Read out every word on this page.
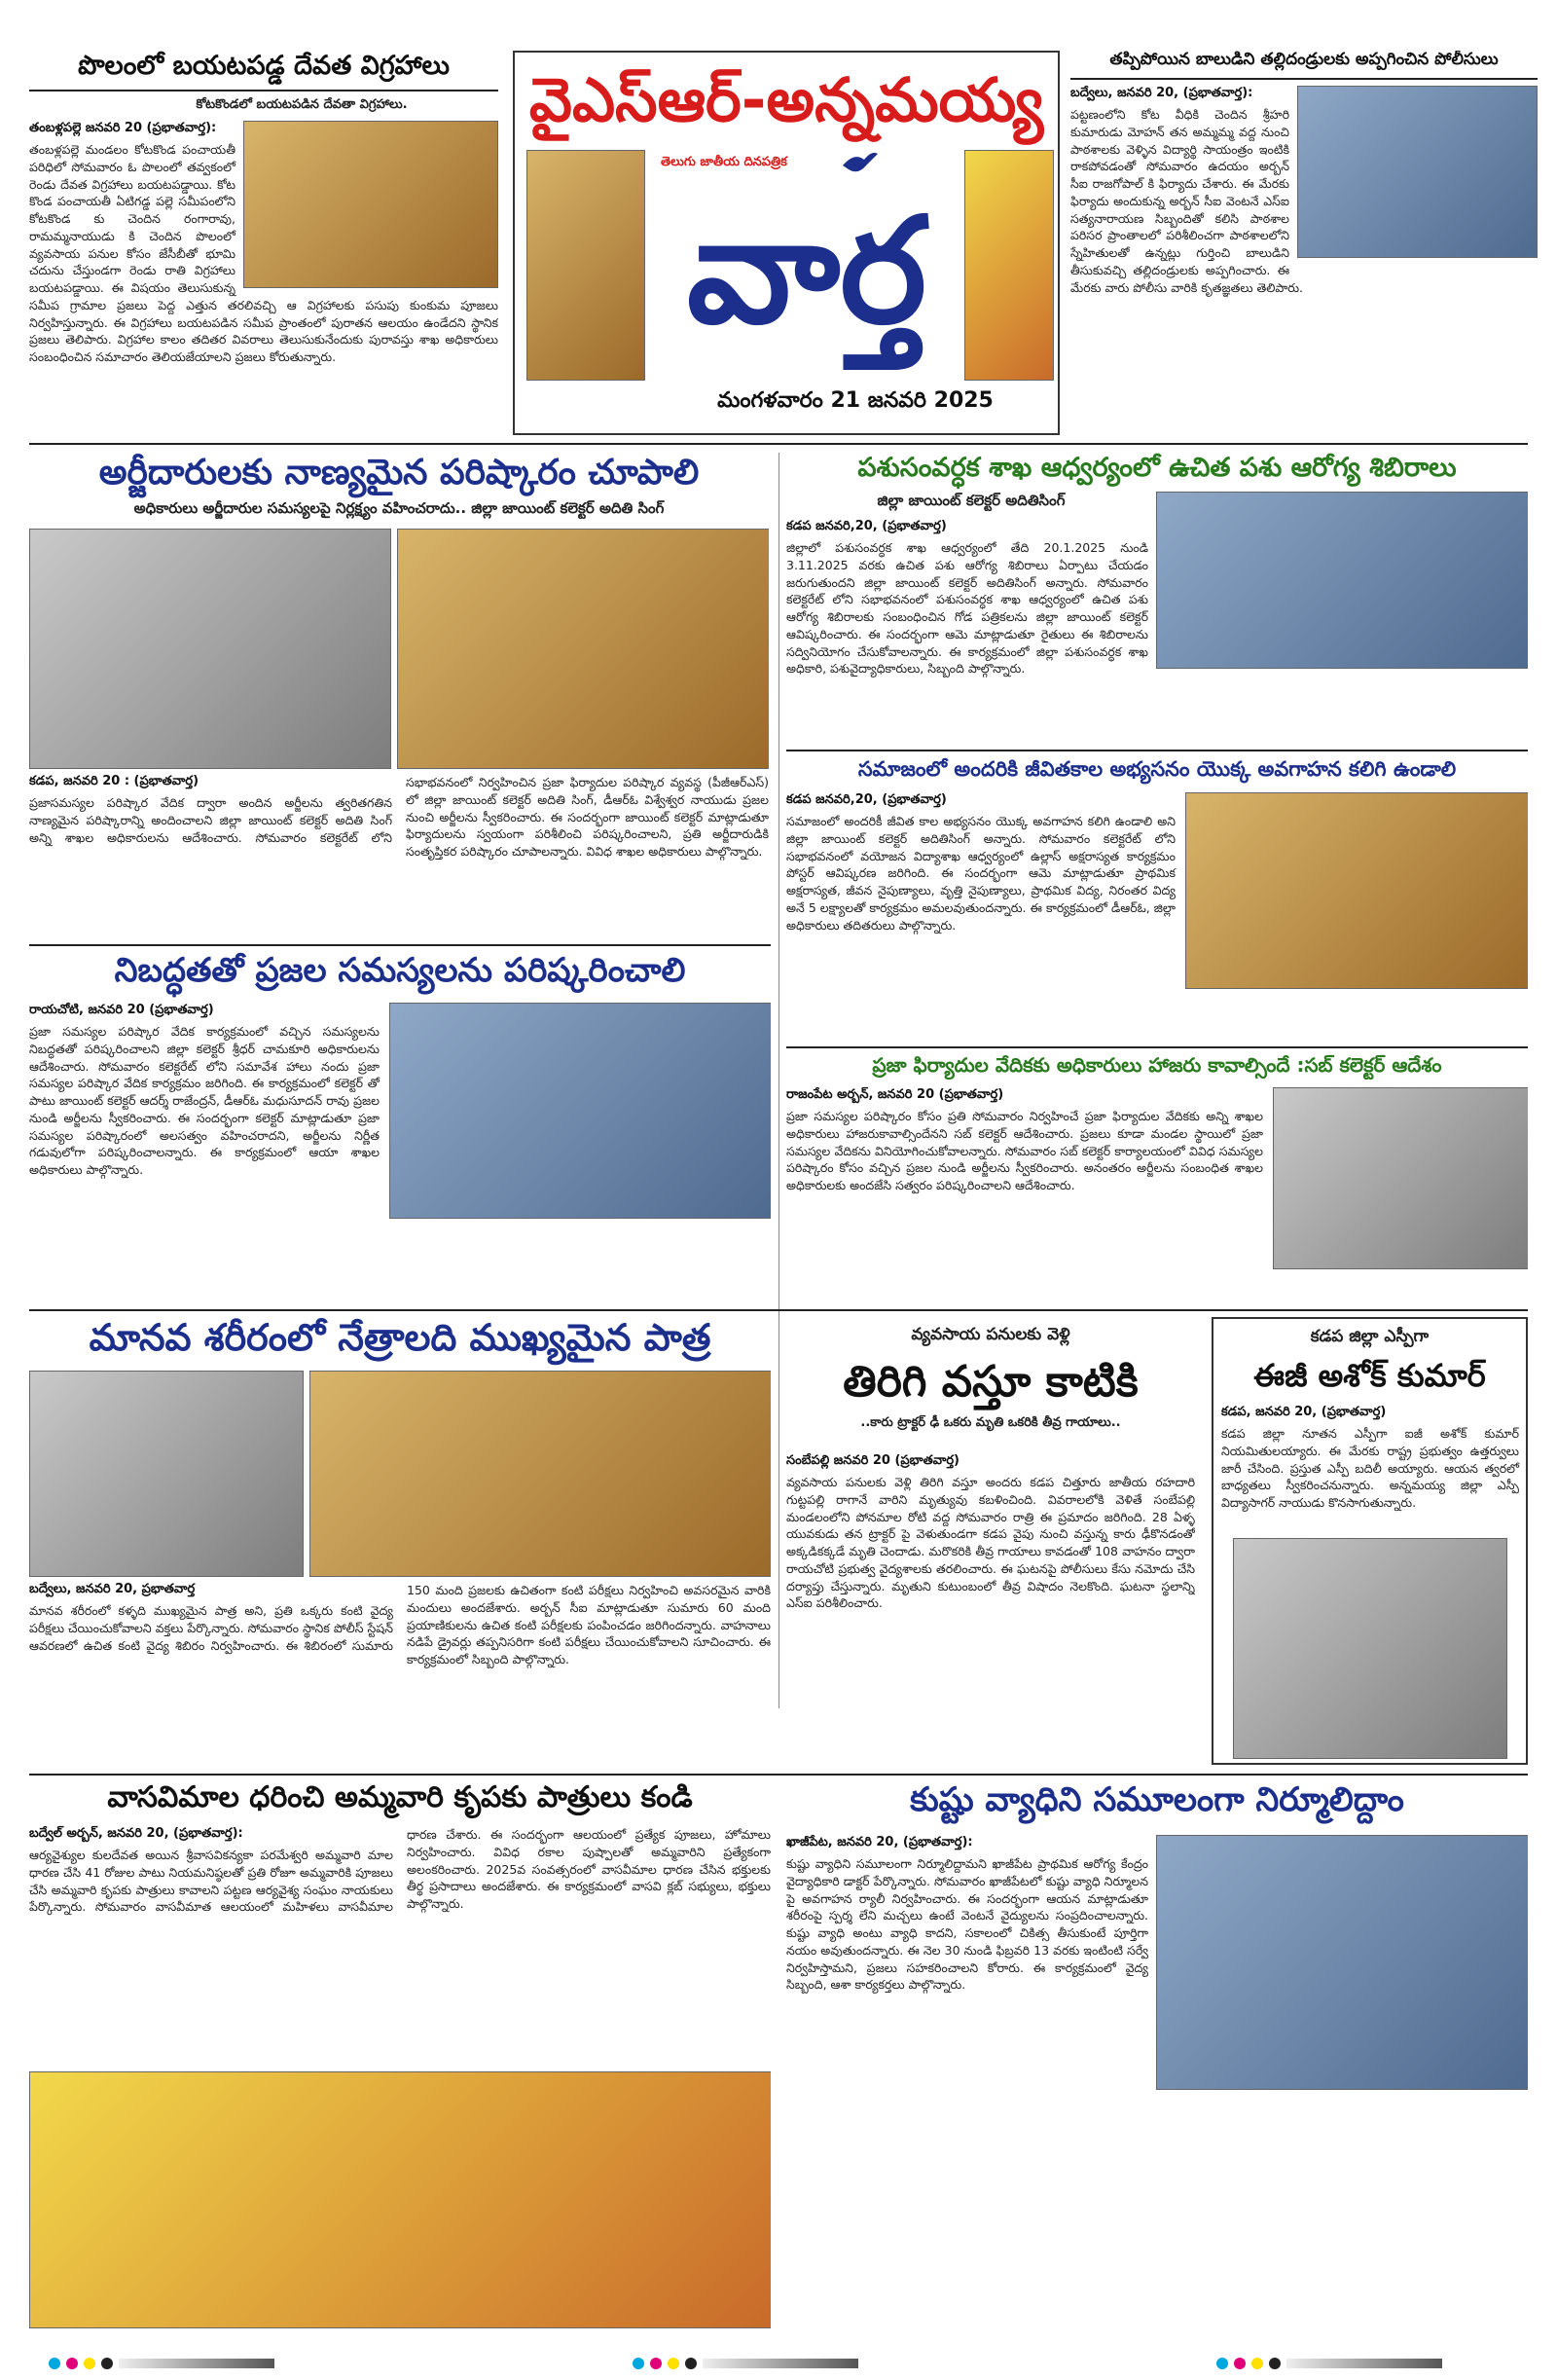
వైఎస్ఆర్-అన్నమయ్య
తెలుగు జాతీయ దినపత్రిక
వార్త
మంగళవారం 21 జనవరి 2025
పొలంలో బయటపడ్డ దేవత విగ్రహాలు
కోటకొండలో బయటపడిన దేవతా విగ్రహాలు.
తంబళ్లపల్లె జనవరి 20 (ప్రభాతవార్త):
తంబళ్లపల్లె మండలం కోటకొండ పంచాయతీ పరిధిలో సోమవారం ఓ పొలంలో తవ్వకంలో రెండు దేవత విగ్రహాలు బయటపడ్డాయి. కోట కొండ పంచాయతీ ఏటిగడ్డ పల్లె సమీపంలోని కోటకొండ కు చెందిన రంగారావు, రామమ్మనాయుడు కి చెందిన పొలంలో వ్యవసాయ పనుల కోసం జేసీబీతో భూమి చదును చేస్తుండగా రెండు రాతి విగ్రహాలు బయటపడ్డాయి. ఈ విషయం తెలుసుకున్న సమీప గ్రామాల ప్రజలు పెద్ద ఎత్తున తరలివచ్చి ఆ విగ్రహాలకు పసుపు కుంకుమ పూజలు నిర్వహిస్తున్నారు. ఈ విగ్రహాలు బయటపడిన సమీప ప్రాంతంలో పురాతన ఆలయం ఉండేదని స్థానిక ప్రజలు తెలిపారు. విగ్రహాల కాలం తదితర వివరాలు తెలుసుకునేందుకు పురావస్తు శాఖ అధికారులు సంబంధించిన సమాచారం తెలియజేయాలని ప్రజలు కోరుతున్నారు.
తప్పిపోయిన బాలుడిని తల్లిదండ్రులకు అప్పగించిన పోలీసులు
బద్వేలు, జనవరి 20, (ప్రభాతవార్త):
పట్టణంలోని కోట వీధికి చెందిన శ్రీహరి కుమారుడు మోహన్ తన అమ్మమ్మ వద్ద నుంచి పాఠశాలకు వెళ్ళిన విద్యార్థి సాయంత్రం ఇంటికి రాకపోవడంతో సోమవారం ఉదయం అర్బన్ సీఐ రాజగోపాల్ కి ఫిర్యాదు చేశారు. ఈ మేరకు ఫిర్యాదు అందుకున్న అర్బన్ సీఐ వెంటనే ఎస్ఐ సత్యనారాయణ సిబ్బందితో కలిసి పాఠశాల పరిసర ప్రాంతాలలో పరిశీలించగా పాఠశాలలోని స్నేహితులతో ఉన్నట్లు గుర్తించి బాలుడిని తీసుకువచ్చి తల్లిదండ్రులకు అప్పగించారు. ఈ మేరకు వారు పోలీసు వారికి కృతజ్ఞతలు తెలిపారు.
అర్జీదారులకు నాణ్యమైన పరిష్కారం చూపాలి
అధికారులు అర్జీదారుల సమస్యలపై నిర్లక్ష్యం వహించరాదు.. జిల్లా జాయింట్ కలెక్టర్ అదితి సింగ్
కడప, జనవరి 20 : (ప్రభాతవార్త)
ప్రజాసమస్యల పరిష్కార వేదిక ద్వారా అందిన అర్జీలను త్వరితగతిన నాణ్యమైన పరిష్కారాన్ని అందించాలని జిల్లా జాయింట్ కలెక్టర్ అదితి సింగ్ అన్ని శాఖల అధికారులను ఆదేశించారు. సోమవారం కలెక్టరేట్ లోని సభాభవనంలో నిర్వహించిన ప్రజా ఫిర్యాదుల పరిష్కార వ్యవస్థ (పీజీఆర్ఎస్) లో జిల్లా జాయింట్ కలెక్టర్ అదితి సింగ్, డీఆర్ఓ విశ్వేశ్వర నాయుడు ప్రజల నుంచి అర్జీలను స్వీకరించారు. ఈ సందర్భంగా జాయింట్ కలెక్టర్ మాట్లాడుతూ ఫిర్యాదులను స్వయంగా పరిశీలించి పరిష్కరించాలని, ప్రతి అర్జీదారుడికి సంతృప్తికర పరిష్కారం చూపాలన్నారు. వివిధ శాఖల అధికారులు పాల్గొన్నారు.
పశుసంవర్ధక శాఖ ఆధ్వర్యంలో ఉచిత పశు ఆరోగ్య శిబిరాలు
జిల్లా జాయింట్ కలెక్టర్ అదితిసింగ్
కడప జనవరి,20, (ప్రభాతవార్త)
జిల్లాలో పశుసంవర్ధక శాఖ ఆధ్వర్యంలో తేది 20.1.2025 నుండి 3.11.2025 వరకు ఉచిత పశు ఆరోగ్య శిబిరాలు ఏర్పాటు చేయడం జరుగుతుందని జిల్లా జాయింట్ కలెక్టర్ అదితిసింగ్ అన్నారు. సోమవారం కలెక్టరేట్ లోని సభాభవనంలో పశుసంవర్ధక శాఖ ఆధ్వర్యంలో ఉచిత పశు ఆరోగ్య శిబిరాలకు సంబంధించిన గోడ పత్రికలను జిల్లా జాయింట్ కలెక్టర్ ఆవిష్కరించారు. ఈ సందర్భంగా ఆమె మాట్లాడుతూ రైతులు ఈ శిబిరాలను సద్వినియోగం చేసుకోవాలన్నారు. ఈ కార్యక్రమంలో జిల్లా పశుసంవర్ధక శాఖ అధికారి, పశువైద్యాధికారులు, సిబ్బంది పాల్గొన్నారు.
సమాజంలో అందరికి జీవితకాల అభ్యసనం యొక్క అవగాహన కలిగి ఉండాలి
కడప జనవరి,20, (ప్రభాతవార్త)
సమాజంలో అందరికీ జీవిత కాల అభ్యసనం యొక్క అవగాహన కలిగి ఉండాలి అని జిల్లా జాయింట్ కలెక్టర్ అదితిసింగ్ అన్నారు. సోమవారం కలెక్టరేట్ లోని సభాభవనంలో వయోజన విద్యాశాఖ ఆధ్వర్యంలో ఉల్లాస్ అక్షరాస్యత కార్యక్రమం పోస్టర్ ఆవిష్కరణ జరిగింది. ఈ సందర్భంగా ఆమె మాట్లాడుతూ ప్రాథమిక అక్షరాస్యత, జీవన నైపుణ్యాలు, వృత్తి నైపుణ్యాలు, ప్రాథమిక విద్య, నిరంతర విద్య అనే 5 లక్ష్యాలతో కార్యక్రమం అమలవుతుందన్నారు. ఈ కార్యక్రమంలో డీఆర్ఓ, జిల్లా అధికారులు తదితరులు పాల్గొన్నారు.
నిబద్ధతతో ప్రజల సమస్యలను పరిష్కరించాలి
రాయచోటి, జనవరి 20 (ప్రభాతవార్త)
ప్రజా సమస్యల పరిష్కార వేదిక కార్యక్రమంలో వచ్చిన సమస్యలను నిబద్ధతతో పరిష్కరించాలని జిల్లా కలెక్టర్ శ్రీధర్ చామకూరి అధికారులను ఆదేశించారు. సోమవారం కలెక్టరేట్ లోని సమావేశ హాలు నందు ప్రజా సమస్యల పరిష్కార వేదిక కార్యక్రమం జరిగింది. ఈ కార్యక్రమంలో కలెక్టర్ తో పాటు జాయింట్ కలెక్టర్ ఆదర్శ్ రాజేంద్రన్, డీఆర్ఓ మధుసూదన్ రావు ప్రజల నుండి అర్జీలను స్వీకరించారు. ఈ సందర్భంగా కలెక్టర్ మాట్లాడుతూ ప్రజా సమస్యల పరిష్కారంలో అలసత్వం వహించరాదని, అర్జీలను నిర్ణీత గడువులోగా పరిష్కరించాలన్నారు. ఈ కార్యక్రమంలో ఆయా శాఖల అధికారులు పాల్గొన్నారు.
ప్రజా ఫిర్యాదుల వేదికకు అధికారులు హాజరు కావాల్సిందే :సబ్ కలెక్టర్ ఆదేశం
రాజంపేట అర్బన్, జనవరి 20 (ప్రభాతవార్త)
ప్రజా సమస్యల పరిష్కారం కోసం ప్రతి సోమవారం నిర్వహించే ప్రజా ఫిర్యాదుల వేదికకు అన్ని శాఖల అధికారులు హాజరుకావాల్సిందేనని సబ్ కలెక్టర్ ఆదేశించారు. ప్రజలు కూడా మండల స్థాయిలో ప్రజా సమస్యల వేదికను వినియోగించుకోవాలన్నారు. సోమవారం సబ్ కలెక్టర్ కార్యాలయంలో వివిధ సమస్యల పరిష్కారం కోసం వచ్చిన ప్రజల నుండి అర్జీలను స్వీకరించారు. అనంతరం అర్జీలను సంబంధిత శాఖల అధికారులకు అందజేసి సత్వరం పరిష్కరించాలని ఆదేశించారు.
మానవ శరీరంలో నేత్రాలది ముఖ్యమైన పాత్ర
బద్వేలు, జనవరి 20, ప్రభాతవార్త
మానవ శరీరంలో కళ్ళది ముఖ్యమైన పాత్ర అని, ప్రతి ఒక్కరు కంటి వైద్య పరీక్షలు చేయించుకోవాలని వక్తలు పేర్కొన్నారు. సోమవారం స్థానిక పోలీస్ స్టేషన్ ఆవరణలో ఉచిత కంటి వైద్య శిబిరం నిర్వహించారు. ఈ శిబిరంలో సుమారు 150 మంది ప్రజలకు ఉచితంగా కంటి పరీక్షలు నిర్వహించి అవసరమైన వారికి మందులు అందజేశారు. అర్బన్ సీఐ మాట్లాడుతూ సుమారు 60 మంది ప్రయాణికులను ఉచిత కంటి పరీక్షలకు పంపించడం జరిగిందన్నారు. వాహనాలు నడిపే డ్రైవర్లు తప్పనిసరిగా కంటి పరీక్షలు చేయించుకోవాలని సూచించారు. ఈ కార్యక్రమంలో సిబ్బంది పాల్గొన్నారు.
వ్యవసాయ పనులకు వెళ్లి
తిరిగి వస్తూ కాటికి
..కారు ట్రాక్టర్ ఢీ ఒకరు మృతి ఒకరికి తీవ్ర గాయాలు..
సంబేపల్లి జనవరి 20 (ప్రభాతవార్త)
వ్యవసాయ పనులకు వెళ్లి తిరిగి వస్తూ అందరు కడప చిత్తూరు జాతీయ రహదారి గుట్టపల్లి రాగానే వారిని మృత్యువు కబళించింది. వివరాలలోకి వెళితే సంబేపల్లి మండలంలోని పోనమాల రోటి వద్ద సోమవారం రాత్రి ఈ ప్రమాదం జరిగింది. 28 ఏళ్ళ యువకుడు తన ట్రాక్టర్ పై వెళుతుండగా కడప వైపు నుంచి వస్తున్న కారు ఢీకొనడంతో అక్కడికక్కడే మృతి చెందాడు. మరొకరికి తీవ్ర గాయాలు కావడంతో 108 వాహనం ద్వారా రాయచోటి ప్రభుత్వ వైద్యశాలకు తరలించారు. ఈ ఘటనపై పోలీసులు కేసు నమోదు చేసి దర్యాప్తు చేస్తున్నారు. మృతుని కుటుంబంలో తీవ్ర విషాదం నెలకొంది. ఘటనా స్థలాన్ని ఎస్ఐ పరిశీలించారు.
కడప జిల్లా ఎస్పీగా
ఈజీ అశోక్ కుమార్
కడప, జనవరి 20, (ప్రభాతవార్త)
కడప జిల్లా నూతన ఎస్పీగా ఐజీ అశోక్ కుమార్ నియమితులయ్యారు. ఈ మేరకు రాష్ట్ర ప్రభుత్వం ఉత్తర్వులు జారీ చేసింది. ప్రస్తుత ఎస్పీ బదిలీ అయ్యారు. ఆయన త్వరలో బాధ్యతలు స్వీకరించనున్నారు. అన్నమయ్య జిల్లా ఎస్పీ విద్యాసాగర్ నాయుడు కొనసాగుతున్నారు.
వాసవిమాల ధరించి అమ్మవారి కృపకు పాత్రులు కండి
బద్వేల్ అర్బన్, జనవరి 20, (ప్రభాతవార్త):
ఆర్యవైశ్యుల కులదేవత అయిన శ్రీవాసవికన్యకా పరమేశ్వరి అమ్మవారి మాల ధారణ చేసి 41 రోజుల పాటు నియమనిష్ఠలతో ప్రతి రోజూ అమ్మవారికి పూజలు చేసి అమ్మవారి కృపకు పాత్రులు కావాలని పట్టణ ఆర్యవైశ్య సంఘం నాయకులు పేర్కొన్నారు. సోమవారం వాసవీమాత ఆలయంలో మహిళలు వాసవీమాల ధారణ చేశారు. ఈ సందర్భంగా ఆలయంలో ప్రత్యేక పూజలు, హోమాలు నిర్వహించారు. వివిధ రకాల పుష్పాలతో అమ్మవారిని ప్రత్యేకంగా అలంకరించారు. 2025వ సంవత్సరంలో వాసవీమాల ధారణ చేసిన భక్తులకు తీర్థ ప్రసాదాలు అందజేశారు. ఈ కార్యక్రమంలో వాసవి క్లబ్ సభ్యులు, భక్తులు పాల్గొన్నారు.
కుష్టు వ్యాధిని సమూలంగా నిర్మూలిద్దాం
ఖాజీపేట, జనవరి 20, (ప్రభాతవార్త):
కుష్టు వ్యాధిని సమూలంగా నిర్మూలిద్దామని ఖాజీపేట ప్రాథమిక ఆరోగ్య కేంద్రం వైద్యాధికారి డాక్టర్ పేర్కొన్నారు. సోమవారం ఖాజీపేటలో కుష్టు వ్యాధి నిర్మూలన పై అవగాహన ర్యాలీ నిర్వహించారు. ఈ సందర్భంగా ఆయన మాట్లాడుతూ శరీరంపై స్పర్శ లేని మచ్చలు ఉంటే వెంటనే వైద్యులను సంప్రదించాలన్నారు. కుష్టు వ్యాధి అంటు వ్యాధి కాదని, సకాలంలో చికిత్స తీసుకుంటే పూర్తిగా నయం అవుతుందన్నారు. ఈ నెల 30 నుండి ఫిబ్రవరి 13 వరకు ఇంటింటి సర్వే నిర్వహిస్తామని, ప్రజలు సహకరించాలని కోరారు. ఈ కార్యక్రమంలో వైద్య సిబ్బంది, ఆశా కార్యకర్తలు పాల్గొన్నారు.
